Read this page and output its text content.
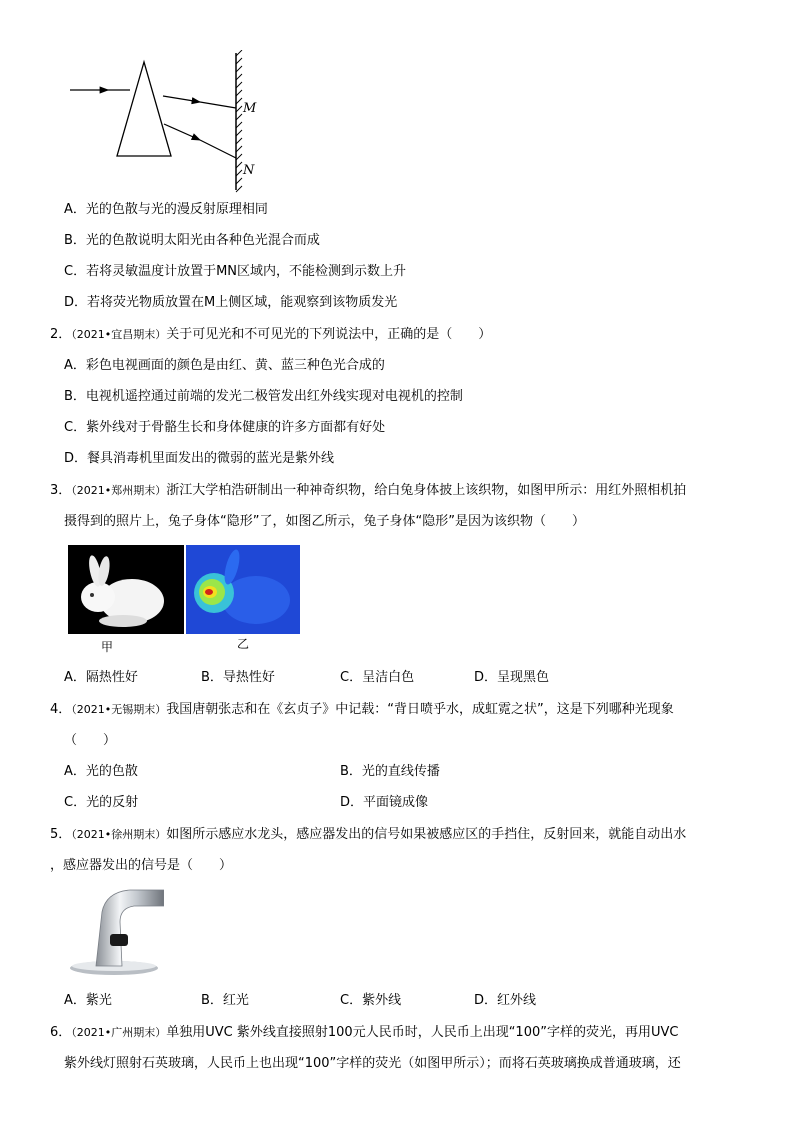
M
N
A．光的色散与光的漫反射原理相同
B．光的色散说明太阳光由各种色光混合而成
C．若将灵敏温度计放置于MN区域内，不能检测到示数上升
D．若将荧光物质放置在M上侧区域，能观察到该物质发光
2．（2021•宜昌期末）关于可见光和不可见光的下列说法中，正确的是（　　）
A．彩色电视画面的颜色是由红、黄、蓝三种色光合成的
B．电视机遥控通过前端的发光二极管发出红外线实现对电视机的控制
C．紫外线对于骨骼生长和身体健康的许多方面都有好处
D．餐具消毒机里面发出的微弱的蓝光是紫外线
3．（2021•郑州期末）浙江大学柏浩研制出一种神奇织物，给白兔身体披上该织物，如图甲所示：用红外照相机拍
摄得到的照片上，兔子身体“隐形”了，如图乙所示，兔子身体“隐形”是因为该织物（　　）
甲	乙
A．隔热性好	B．导热性好	C．呈洁白色	D．呈现黑色
4．（2021•无锡期末）我国唐朝张志和在《玄贞子》中记载：“背日喷乎水，成虹霓之状”，这是下列哪种光现象
（　　）
A．光的色散	B．光的直线传播
C．光的反射	D．平面镜成像
5．（2021•徐州期末）如图所示感应水龙头，感应器发出的信号如果被感应区的手挡住，反射回来，就能自动出水
，感应器发出的信号是（　　）
A．紫光	B．红光	C．紫外线	D．红外线
6．（2021•广州期末）单独用UVC 紫外线直接照射100元人民币时，人民币上出现“100”字样的荧光，再用UVC
紫外线灯照射石英玻璃，人民币上也出现“100”字样的荧光（如图甲所示）；而将石英玻璃换成普通玻璃，还
